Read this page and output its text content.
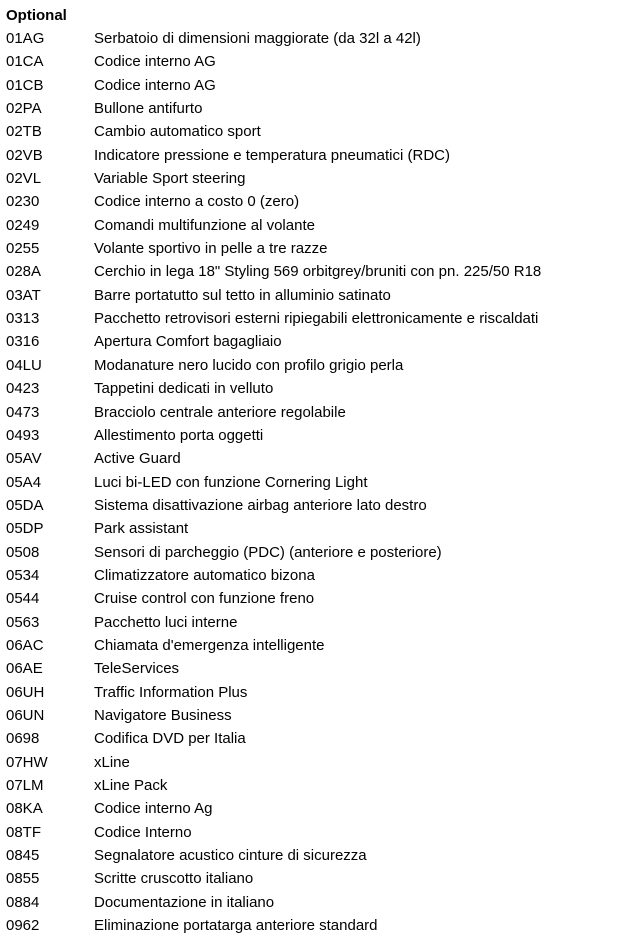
Optional
01AG	Serbatoio di dimensioni maggiorate (da 32l a 42l)
01CA	Codice interno AG
01CB	Codice interno AG
02PA	Bullone antifurto
02TB	Cambio automatico sport
02VB	Indicatore pressione e temperatura pneumatici (RDC)
02VL	Variable Sport steering
0230	Codice interno a costo 0 (zero)
0249	Comandi multifunzione al volante
0255	Volante sportivo in pelle a tre razze
028A	Cerchio in lega 18" Styling 569 orbitgrey/bruniti con pn. 225/50 R18
03AT	Barre portatutto sul tetto in alluminio satinato
0313	Pacchetto retrovisori esterni ripiegabili elettronicamente e riscaldati
0316	Apertura Comfort bagagliaio
04LU	Modanature nero lucido con profilo grigio perla
0423	Tappetini dedicati in velluto
0473	Bracciolo centrale anteriore regolabile
0493	Allestimento porta oggetti
05AV	Active Guard
05A4	Luci bi-LED con funzione Cornering Light
05DA	Sistema disattivazione airbag anteriore lato destro
05DP	Park assistant
0508	Sensori di parcheggio (PDC) (anteriore e posteriore)
0534	Climatizzatore automatico bizona
0544	Cruise control con funzione freno
0563	Pacchetto luci interne
06AC	Chiamata d'emergenza intelligente
06AE	TeleServices
06UH	Traffic Information Plus
06UN	Navigatore Business
0698	Codifica DVD per Italia
07HW	xLine
07LM	xLine Pack
08KA	Codice interno Ag
08TF	Codice Interno
0845	Segnalatore acustico cinture di sicurezza
0855	Scritte cruscotto italiano
0884	Documentazione in italiano
0962	Eliminazione portatarga anteriore standard
